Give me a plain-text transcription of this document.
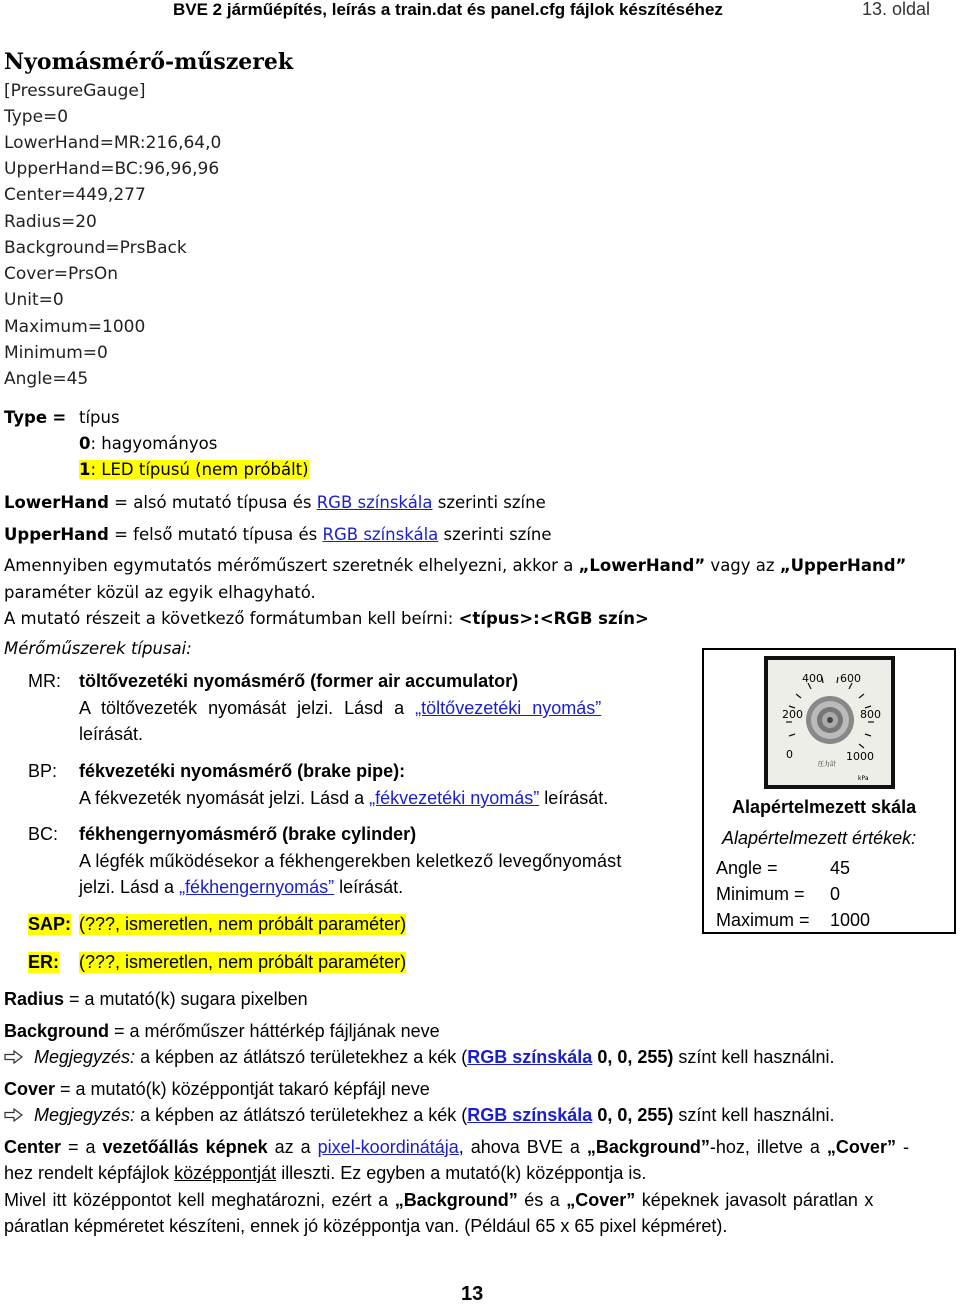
BVE 2 járműépítés, leírás a train.dat és panel.cfg fájlok készítéséhez	13. oldal
Nyomásmérő-műszerek
[PressureGauge]
Type=0
LowerHand=MR:216,64,0
UpperHand=BC:96,96,96
Center=449,277
Radius=20
Background=PrsBack
Cover=PrsOn
Unit=0
Maximum=1000
Minimum=0
Angle=45
Type = típus
0: hagyományos
1: LED típusú (nem próbált)
LowerHand = alsó mutató típusa és RGB színskála szerinti színe
UpperHand = felső mutató típusa és RGB színskála szerinti színe
Amennyiben egymutatós mérőműszert szeretnék elhelyezni, akkor a „LowerHand” vagy az „UpperHand”
paraméter közül az egyik elhagyható.
A mutató részeit a következő formátumban kell beírni: <típus>:<RGB szín>
Mérőműszerek típusai:
MR: töltővezetéki nyomásmérő (former air accumulator)
A töltővezeték nyomását jelzi. Lásd a „töltővezetéki nyomás”
leírását.
BP: fékvezetéki nyomásmérő (brake pipe):
A fékvezeték nyomását jelzi. Lásd a „fékvezetéki nyomás” leírását.
BC: fékhengernyomásmérő (brake cylinder)
A légfék működésekor a fékhengerekben keletkező levegőnyomást
jelzi. Lásd a „fékhengernyomás” leírását.
SAP: (???, ismeretlen, nem próbált paraméter)
ER: (???, ismeretlen, nem próbált paraméter)
400 600
200	800
0	1000
kPa
圧力計
Alapértelmezett skála
Alapértelmezett értékek:
Angle =	45
Minimum = 0
Maximum = 1000
Radius = a mutató(k) sugara pixelben
Background = a mérőműszer háttérkép fájljának neve
Megjegyzés: a képben az átlátszó területekhez a kék (RGB színskála 0, 0, 255) színt kell használni.
Cover = a mutató(k) középpontját takaró képfájl neve
Megjegyzés: a képben az átlátszó területekhez a kék (RGB színskála 0, 0, 255) színt kell használni.
Center = a vezetőállás képnek az a pixel-koordinátája, ahova BVE a „Background”-hoz, illetve a „Cover” -
hez rendelt képfájlok középpontját illeszti. Ez egyben a mutató(k) középpontja is.
Mivel itt középpontot kell meghatározni, ezért a „Background” és a „Cover” képeknek javasolt páratlan x
páratlan képméretet készíteni, ennek jó középpontja van. (Például 65 x 65 pixel képméret).
13
